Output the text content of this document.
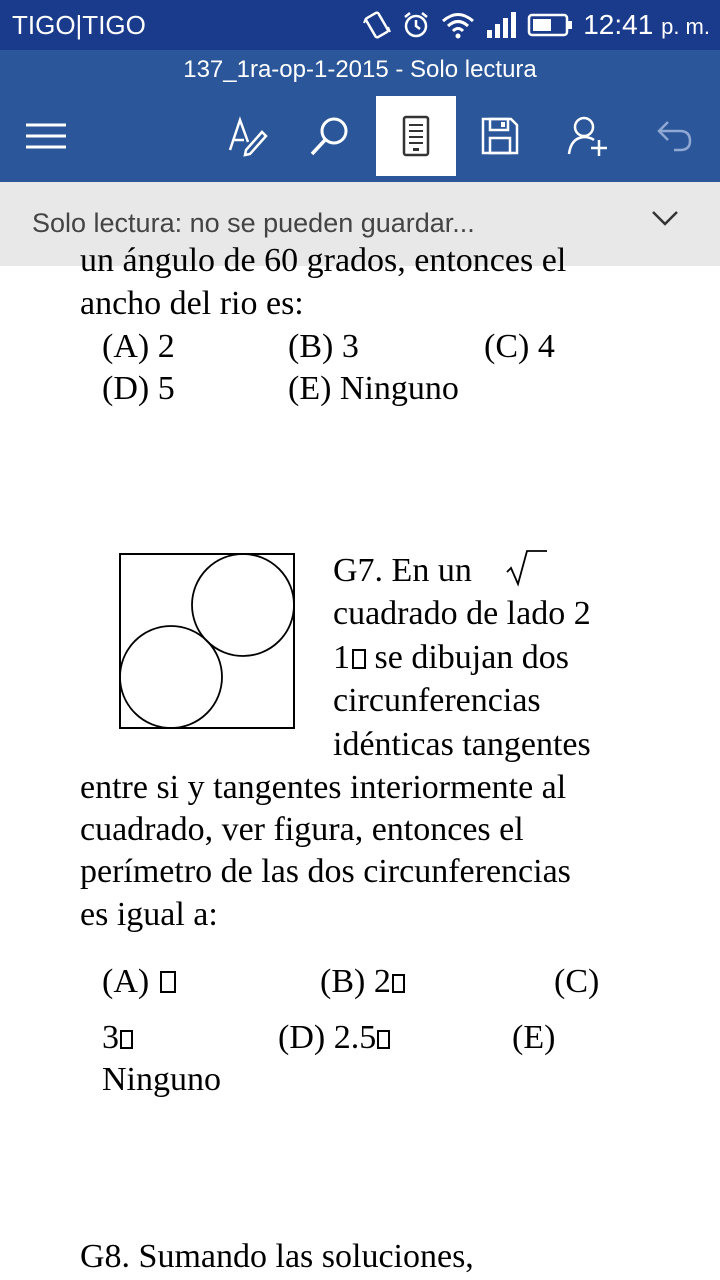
TIGO|TIGO	12:41 p. m.
137_1ra-op-1-2015 - Solo lectura
Solo lectura: no se pueden guardar...
un ángulo de 60 grados, entonces el
ancho del rio es:
(A) 2	(B) 3	(C) 4
(D) 5	(E) Ninguno
G7. En un
cuadrado de lado 2
1 se dibujan dos
circunferencias
idénticas tangentes
entre si y tangentes interiormente al
cuadrado, ver figura, entonces el
perímetro de las dos circunferencias
es igual a:
(A)	(B) 2	(C)
3	(D) 2.5	(E)
Ninguno
G8. Sumando las soluciones,
